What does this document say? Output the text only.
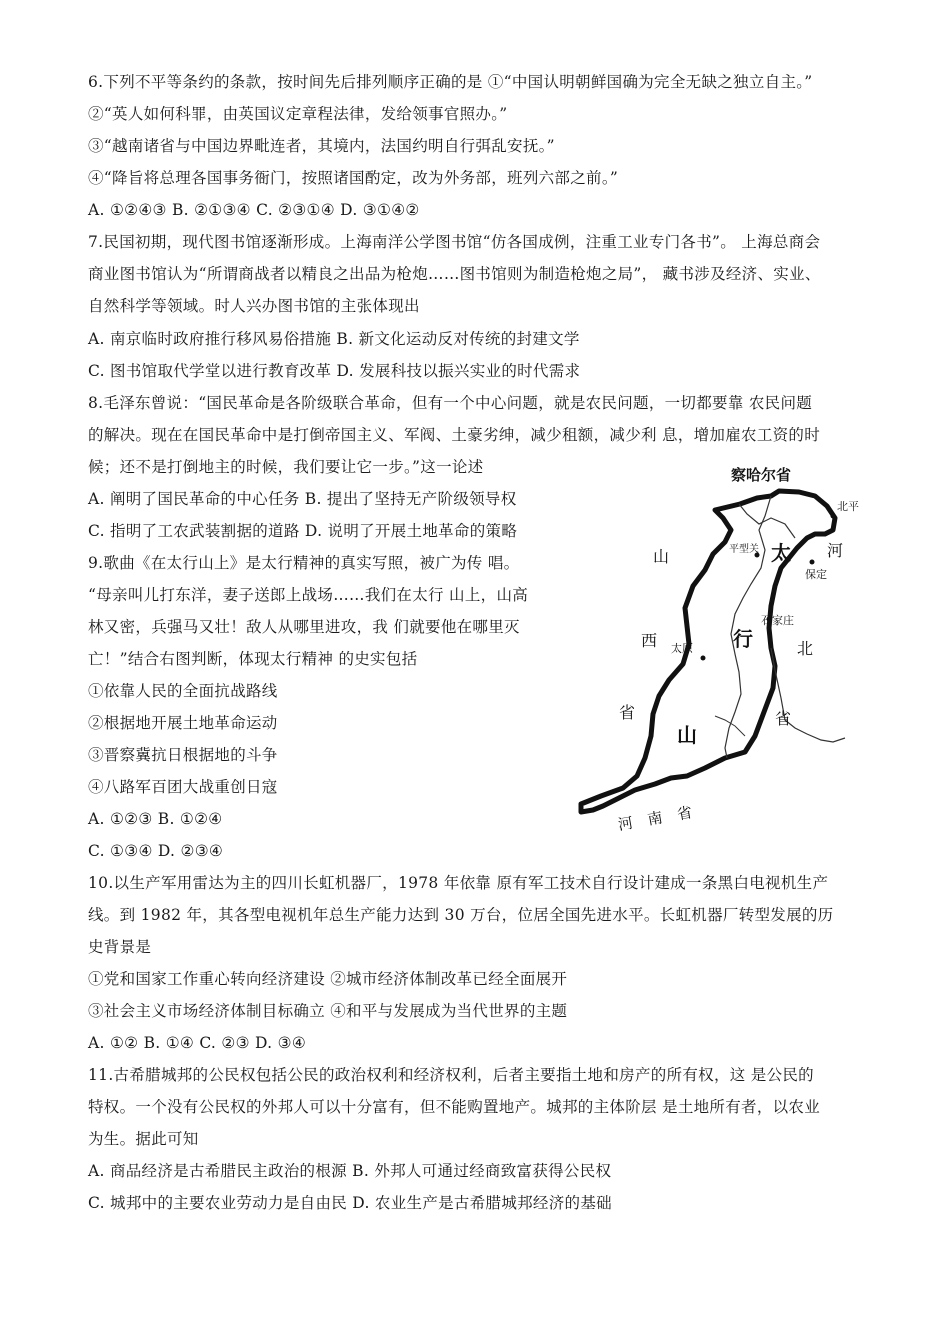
6.下列不平等条约的条款，按时间先后排列顺序正确的是 ①“中国认明朝鲜国确为完全无缺之独立自主。”
②“英人如何科罪，由英国议定章程法律，发给领事官照办。”
③“越南诸省与中国边界毗连者，其境内，法国约明自行弭乱安抚。”
④“降旨将总理各国事务衙门，按照诸国酌定，改为外务部，班列六部之前。”
A. ①②④③ B. ②①③④ C. ②③①④ D. ③①④②
7.民国初期，现代图书馆逐渐形成。上海南洋公学图书馆“仿各国成例，注重工业专门各书”。 上海总商会
商业图书馆认为“所谓商战者以精良之出品为枪炮……图书馆则为制造枪炮之局”， 藏书涉及经济、实业、
自然科学等领域。时人兴办图书馆的主张体现出
A. 南京临时政府推行移风易俗措施 B. 新文化运动反对传统的封建文学
C. 图书馆取代学堂以进行教育改革 D. 发展科技以振兴实业的时代需求
8.毛泽东曾说：“国民革命是各阶级联合革命，但有一个中心问题，就是农民问题，一切都要靠 农民问题
的解决。现在在国民革命中是打倒帝国主义、军阀、土豪劣绅，减少租额，减少利 息，增加雇农工资的时
候；还不是打倒地主的时候，我们要让它一步。”这一论述
A. 阐明了国民革命的中心任务 B. 提出了坚持无产阶级领导权
C. 指明了工农武装割据的道路 D. 说明了开展土地革命的策略
9.歌曲《在太行山上》是太行精神的真实写照，被广为传 唱。
“母亲叫儿打东洋，妻子送郎上战场……我们在太行 山上，山高
林又密，兵强马又壮！敌人从哪里进攻，我 们就要他在哪里灭
亡！”结合右图判断，体现太行精神 的史实包括
①依靠人民的全面抗战路线
②根据地开展土地革命运动
③晋察冀抗日根据地的斗争
④八路军百团大战重创日寇
A. ①②③ B. ①②④
C. ①③④ D. ②③④
10.以生产军用雷达为主的四川长虹机器厂，1978 年依靠 原有军工技术自行设计建成一条黑白电视机生产
线。到 1982 年，其各型电视机年总生产能力达到 30 万台，位居全国先进水平。长虹机器厂转型发展的历
史背景是
①党和国家工作重心转向经济建设 ②城市经济体制改革已经全面展开
③社会主义市场经济体制目标确立 ④和平与发展成为当代世界的主题
A. ①② B. ①④ C. ②③ D. ③④
11.古希腊城邦的公民权包括公民的政治权利和经济权利，后者主要指土地和房产的所有权，这 是公民的
特权。一个没有公民权的外邦人可以十分富有，但不能购置地产。城邦的主体阶层 是土地所有者，以农业
为生。据此可知
A. 商品经济是古希腊民主政治的根源 B. 外邦人可通过经商致富获得公民权
C. 城邦中的主要农业劳动力是自由民 D. 农业生产是古希腊城邦经济的基础
察哈尔省
北平
平型关
保定
太原
石家庄
山
西
省
太
行
山
河
北
省
河　南　省
